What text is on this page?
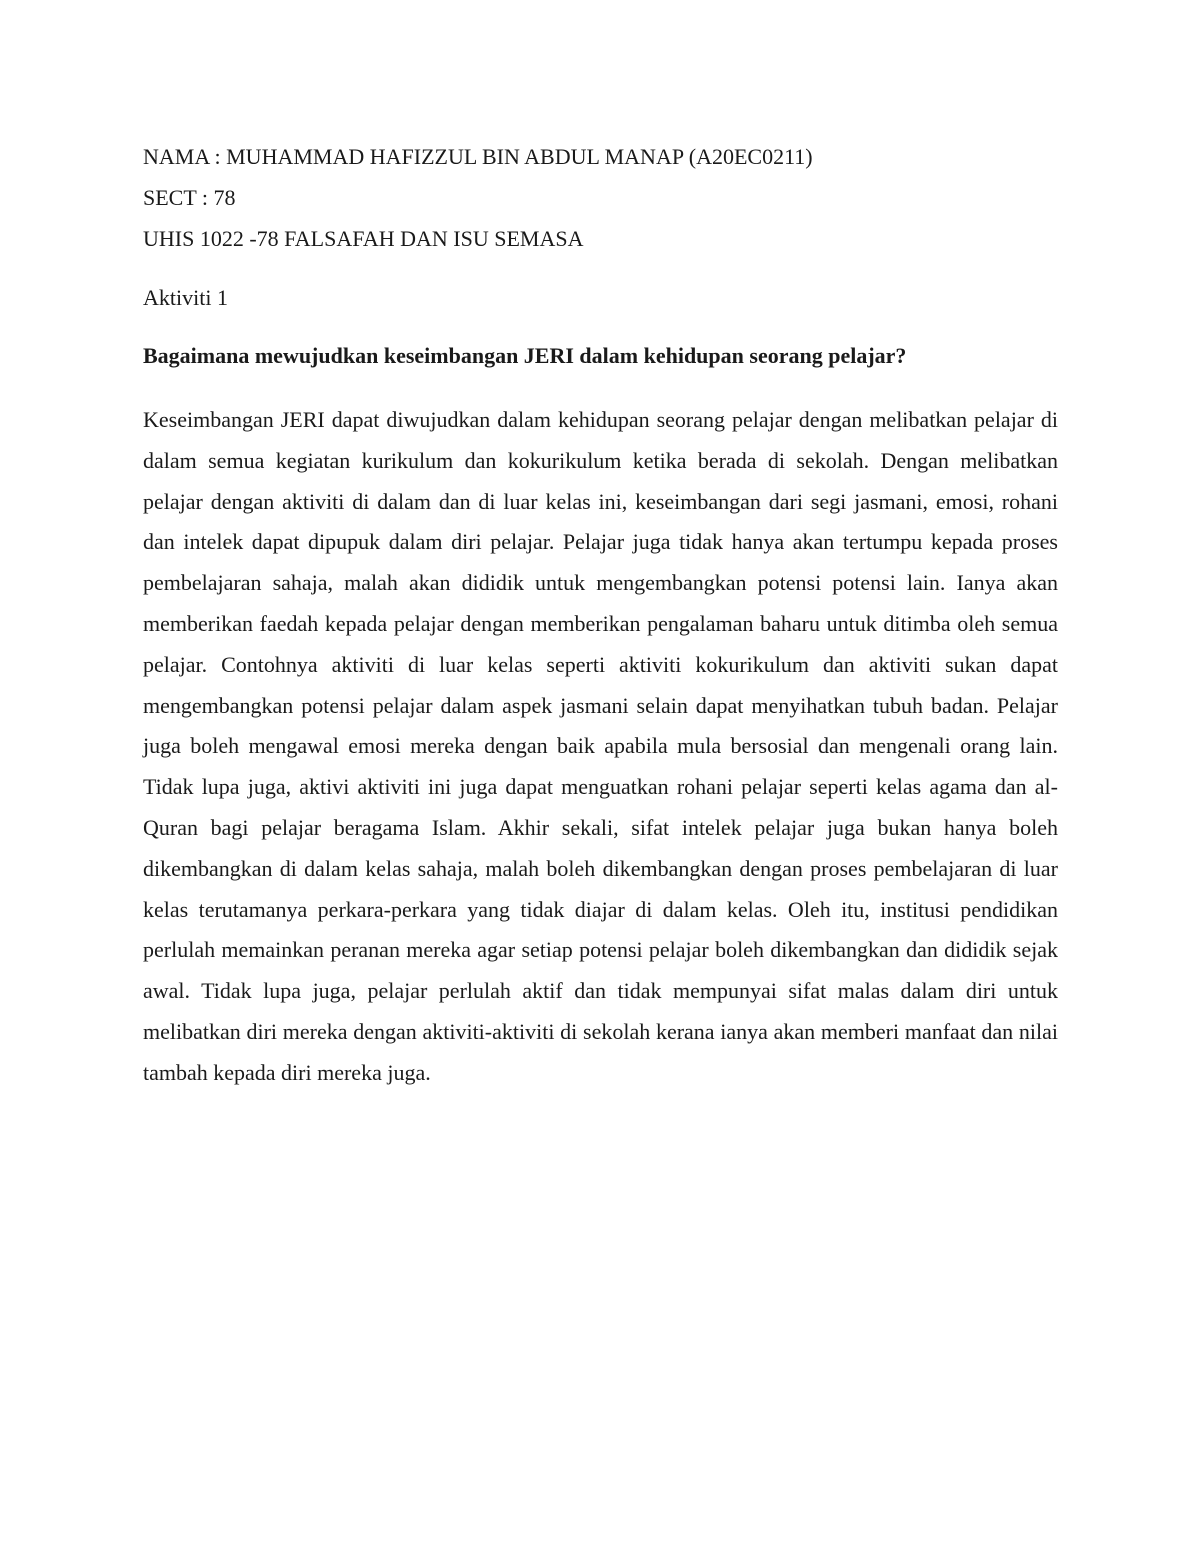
NAMA : MUHAMMAD HAFIZZUL BIN ABDUL MANAP (A20EC0211)

SECT : 78

UHIS 1022 -78 FALSAFAH DAN ISU SEMASA

Aktiviti 1

Bagaimana mewujudkan keseimbangan JERI dalam kehidupan seorang pelajar?

Keseimbangan JERI dapat diwujudkan dalam kehidupan seorang pelajar dengan melibatkan pelajar di dalam semua kegiatan kurikulum dan kokurikulum ketika berada di sekolah. Dengan melibatkan pelajar dengan aktiviti di dalam dan di luar kelas ini, keseimbangan dari segi jasmani, emosi, rohani dan intelek dapat dipupuk dalam diri pelajar. Pelajar juga tidak hanya akan tertumpu kepada proses pembelajaran sahaja, malah akan dididik untuk mengembangkan potensi potensi lain. Ianya akan memberikan faedah kepada pelajar dengan memberikan pengalaman baharu untuk ditimba oleh semua pelajar. Contohnya aktiviti di luar kelas seperti aktiviti kokurikulum dan aktiviti sukan dapat mengembangkan potensi pelajar dalam aspek jasmani selain dapat menyihatkan tubuh badan. Pelajar juga boleh mengawal emosi mereka dengan baik apabila mula bersosial dan mengenali orang lain. Tidak lupa juga, aktivi aktiviti ini juga dapat menguatkan rohani pelajar seperti kelas agama dan al-Quran bagi pelajar beragama Islam. Akhir sekali, sifat intelek pelajar juga bukan hanya boleh dikembangkan di dalam kelas sahaja, malah boleh dikembangkan dengan proses pembelajaran di luar kelas terutamanya perkara-perkara yang tidak diajar di dalam kelas. Oleh itu, institusi pendidikan perlulah memainkan peranan mereka agar setiap potensi pelajar boleh dikembangkan dan dididik sejak awal. Tidak lupa juga, pelajar perlulah aktif dan tidak mempunyai sifat malas dalam diri untuk melibatkan diri mereka dengan aktiviti-aktiviti di sekolah kerana ianya akan memberi manfaat dan nilai tambah kepada diri mereka juga.
